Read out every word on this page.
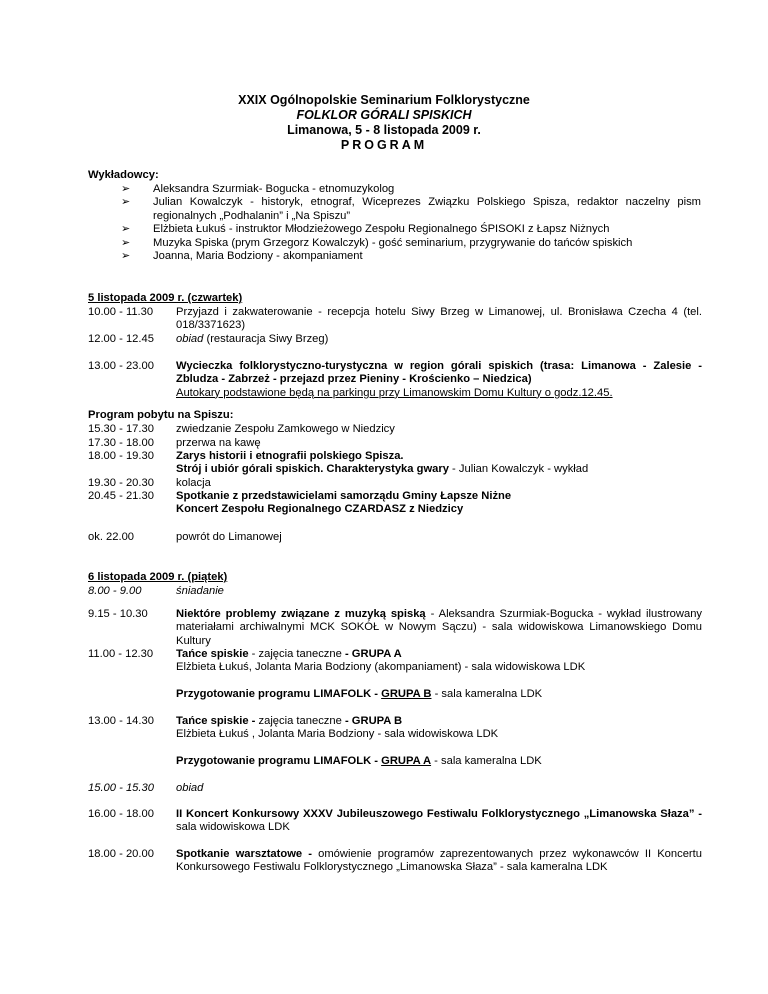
XXIX Ogólnopolskie Seminarium Folklorystyczne
FOLKLOR GÓRALI SPISKICH
Limanowa, 5 - 8 listopada 2009 r.
PROGRAM
Wykładowcy:
➢ Aleksandra Szurmiak- Bogucka - etnomuzykolog
➢ Julian Kowalczyk - historyk, etnograf, Wiceprezes Związku Polskiego Spisza, redaktor naczelny pism regionalnych „Podhalanin” i „Na Spiszu”
➢ Elżbieta Łukuś - instruktor Młodzieżowego Zespołu Regionalnego ŚPISOKI z Łapsz Niżnych
➢ Muzyka Spiska (prym Grzegorz Kowalczyk) - gość seminarium, przygrywanie do tańców spiskich
➢ Joanna, Maria Bodziony - akompaniament
5 listopada 2009 r. (czwartek)
10.00 - 11.30	Przyjazd i zakwaterowanie - recepcja hotelu Siwy Brzeg w Limanowej, ul. Bronisława Czecha 4 (tel. 018/3371623)
12.00 - 12.45	obiad (restauracja Siwy Brzeg)
13.00 - 23.00	Wycieczka folklorystyczno-turystyczna w region górali spiskich (trasa: Limanowa - Zalesie - Zbludza - Zabrzeż - przejazd przez Pieniny - Krościenko – Niedzica)
Autokary podstawione będą na parkingu przy Limanowskim Domu Kultury o godz.12.45.
Program pobytu na Spiszu:
15.30 - 17.30	zwiedzanie Zespołu Zamkowego w Niedzicy
17.30 - 18.00	przerwa na kawę
18.00 - 19.30	Zarys historii i etnografii polskiego Spisza.
Strój i ubiór górali spiskich. Charakterystyka gwary - Julian Kowalczyk - wykład
19.30 - 20.30	kolacja
20.45 - 21.30	Spotkanie z przedstawicielami samorządu Gminy Łapsze Niżne
Koncert Zespołu Regionalnego CZARDASZ z Niedzicy
ok. 22.00	powrót do Limanowej
6 listopada 2009 r. (piątek)
8.00 - 9.00	śniadanie
9.15 - 10.30	Niektóre problemy związane z muzyką spiską - Aleksandra Szurmiak-Bogucka - wykład ilustrowany materiałami archiwalnymi MCK SOKÓŁ w Nowym Sączu) - sala widowiskowa Limanowskiego Domu Kultury
11.00 - 12.30	Tańce spiskie - zajęcia taneczne - GRUPA A
Elżbieta Łukuś, Jolanta Maria Bodziony (akompaniament) - sala widowiskowa LDK
Przygotowanie programu LIMAFOLK - GRUPA B - sala kameralna LDK
13.00 - 14.30	Tańce spiskie - zajęcia taneczne - GRUPA B
Elżbieta Łukuś , Jolanta Maria Bodziony - sala widowiskowa LDK
Przygotowanie programu LIMAFOLK - GRUPA A - sala kameralna LDK
15.00 - 15.30	obiad
16.00 - 18.00	II Koncert Konkursowy XXXV Jubileuszowego Festiwalu Folklorystycznego „Limanowska Słaza” - sala widowiskowa LDK
18.00 - 20.00	Spotkanie warsztatowe - omówienie programów zaprezentowanych przez wykonawców II Koncertu Konkursowego Festiwalu Folklorystycznego „Limanowska Słaza” - sala kameralna LDK
